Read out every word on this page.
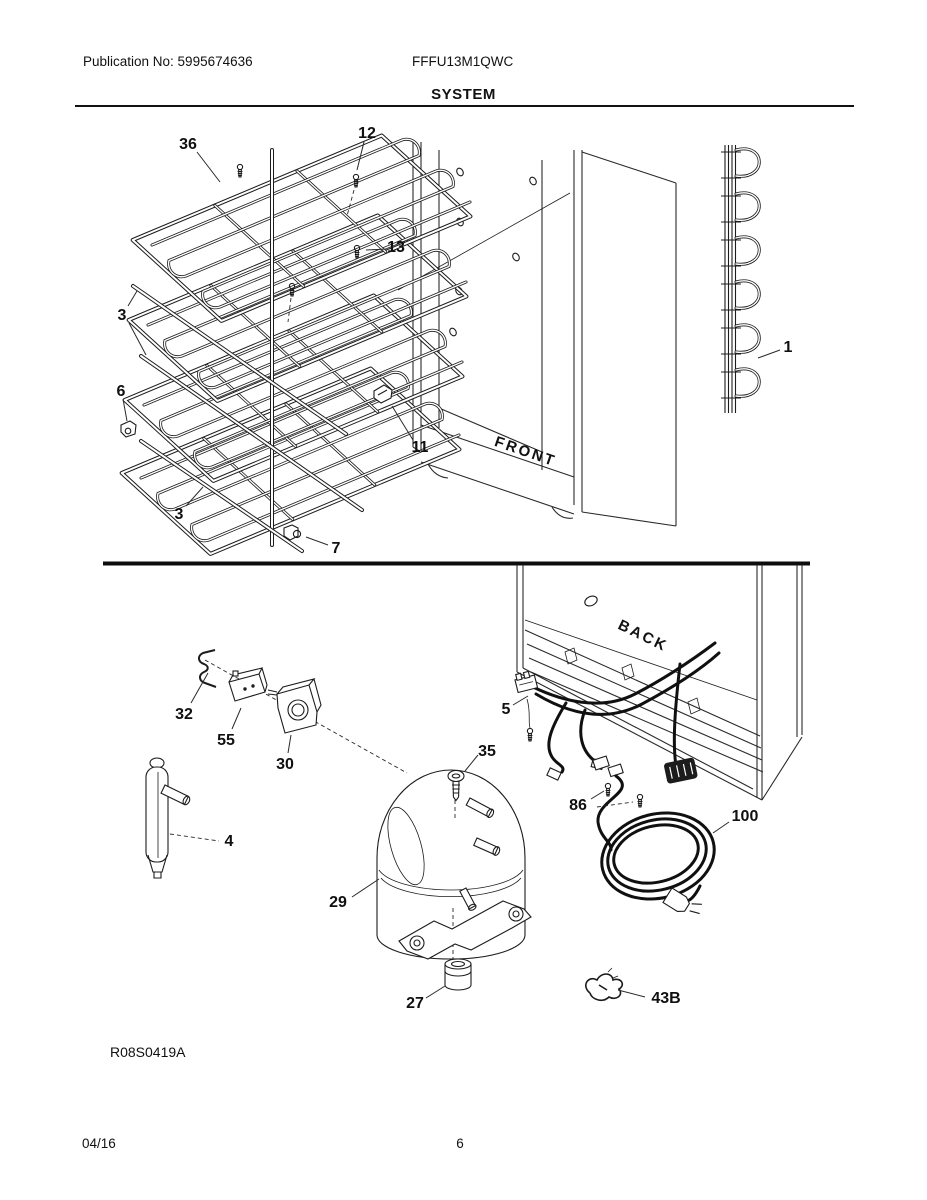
Publication No: 5995674636	FFFU13M1QWC
SYSTEM
FRONT
BACK
36
12
13
3
6
11
7
3
1
32
55
30
4
35
29
27
5
86
100
43B
R08S0419A
04/16	6
